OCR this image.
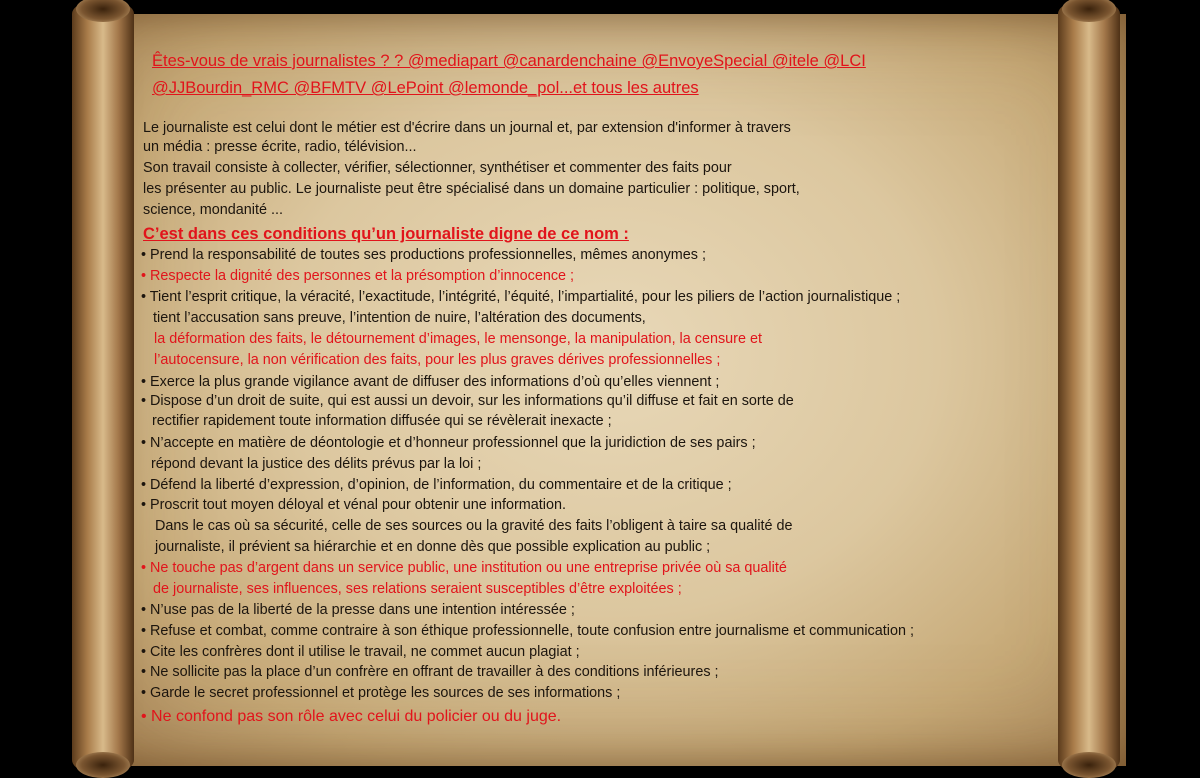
Êtes-vous de vrais journalistes ? ? @mediapart @canardenchaine @EnvoyeSpecial @itele @LCI
@JJBourdin_RMC @BFMTV @LePoint @lemonde_pol...et tous les autres
Le journaliste est celui dont le métier est d'écrire dans un journal et, par extension d'informer à travers
un média : presse écrite, radio, télévision...
Son travail consiste à collecter, vérifier, sélectionner, synthétiser et commenter des faits pour
les présenter au public. Le journaliste peut être spécialisé dans un domaine particulier : politique, sport,
science, mondanité ...
C’est dans ces conditions qu’un journaliste digne de ce nom :
• Prend la responsabilité de toutes ses productions professionnelles, mêmes anonymes ;
• Respecte la dignité des personnes et la présomption d’innocence ;
• Tient l’esprit critique, la véracité, l’exactitude, l’intégrité, l’équité, l’impartialité, pour les piliers de l’action journalistique ;
tient l’accusation sans preuve, l’intention de nuire, l’altération des documents,
la déformation des faits, le détournement d’images, le mensonge, la manipulation, la censure et
l’autocensure, la non vérification des faits, pour les plus graves dérives professionnelles ;
• Exerce la plus grande vigilance avant de diffuser des informations d’où qu’elles viennent ;
• Dispose d’un droit de suite, qui est aussi un devoir, sur les informations qu’il diffuse et fait en sorte de
rectifier rapidement toute information diffusée qui se révèlerait inexacte ;
• N’accepte en matière de déontologie et d’honneur professionnel que la juridiction de ses pairs ;
répond devant la justice des délits prévus par la loi ;
• Défend la liberté d’expression, d’opinion, de l’information, du commentaire et de la critique ;
• Proscrit tout moyen déloyal et vénal pour obtenir une information.
Dans le cas où sa sécurité, celle de ses sources ou la gravité des faits l’obligent à taire sa qualité de
journaliste, il prévient sa hiérarchie et en donne dès que possible explication au public ;
• Ne touche pas d’argent dans un service public, une institution ou une entreprise privée où sa qualité
de journaliste, ses influences, ses relations seraient susceptibles d’être exploitées ;
• N’use pas de la liberté de la presse dans une intention intéressée ;
• Refuse et combat, comme contraire à son éthique professionnelle, toute confusion entre journalisme et communication ;
• Cite les confrères dont il utilise le travail, ne commet aucun plagiat ;
• Ne sollicite pas la place d’un confrère en offrant de travailler à des conditions inférieures ;
• Garde le secret professionnel et protège les sources de ses informations ;
• Ne confond pas son rôle avec celui du policier ou du juge.
